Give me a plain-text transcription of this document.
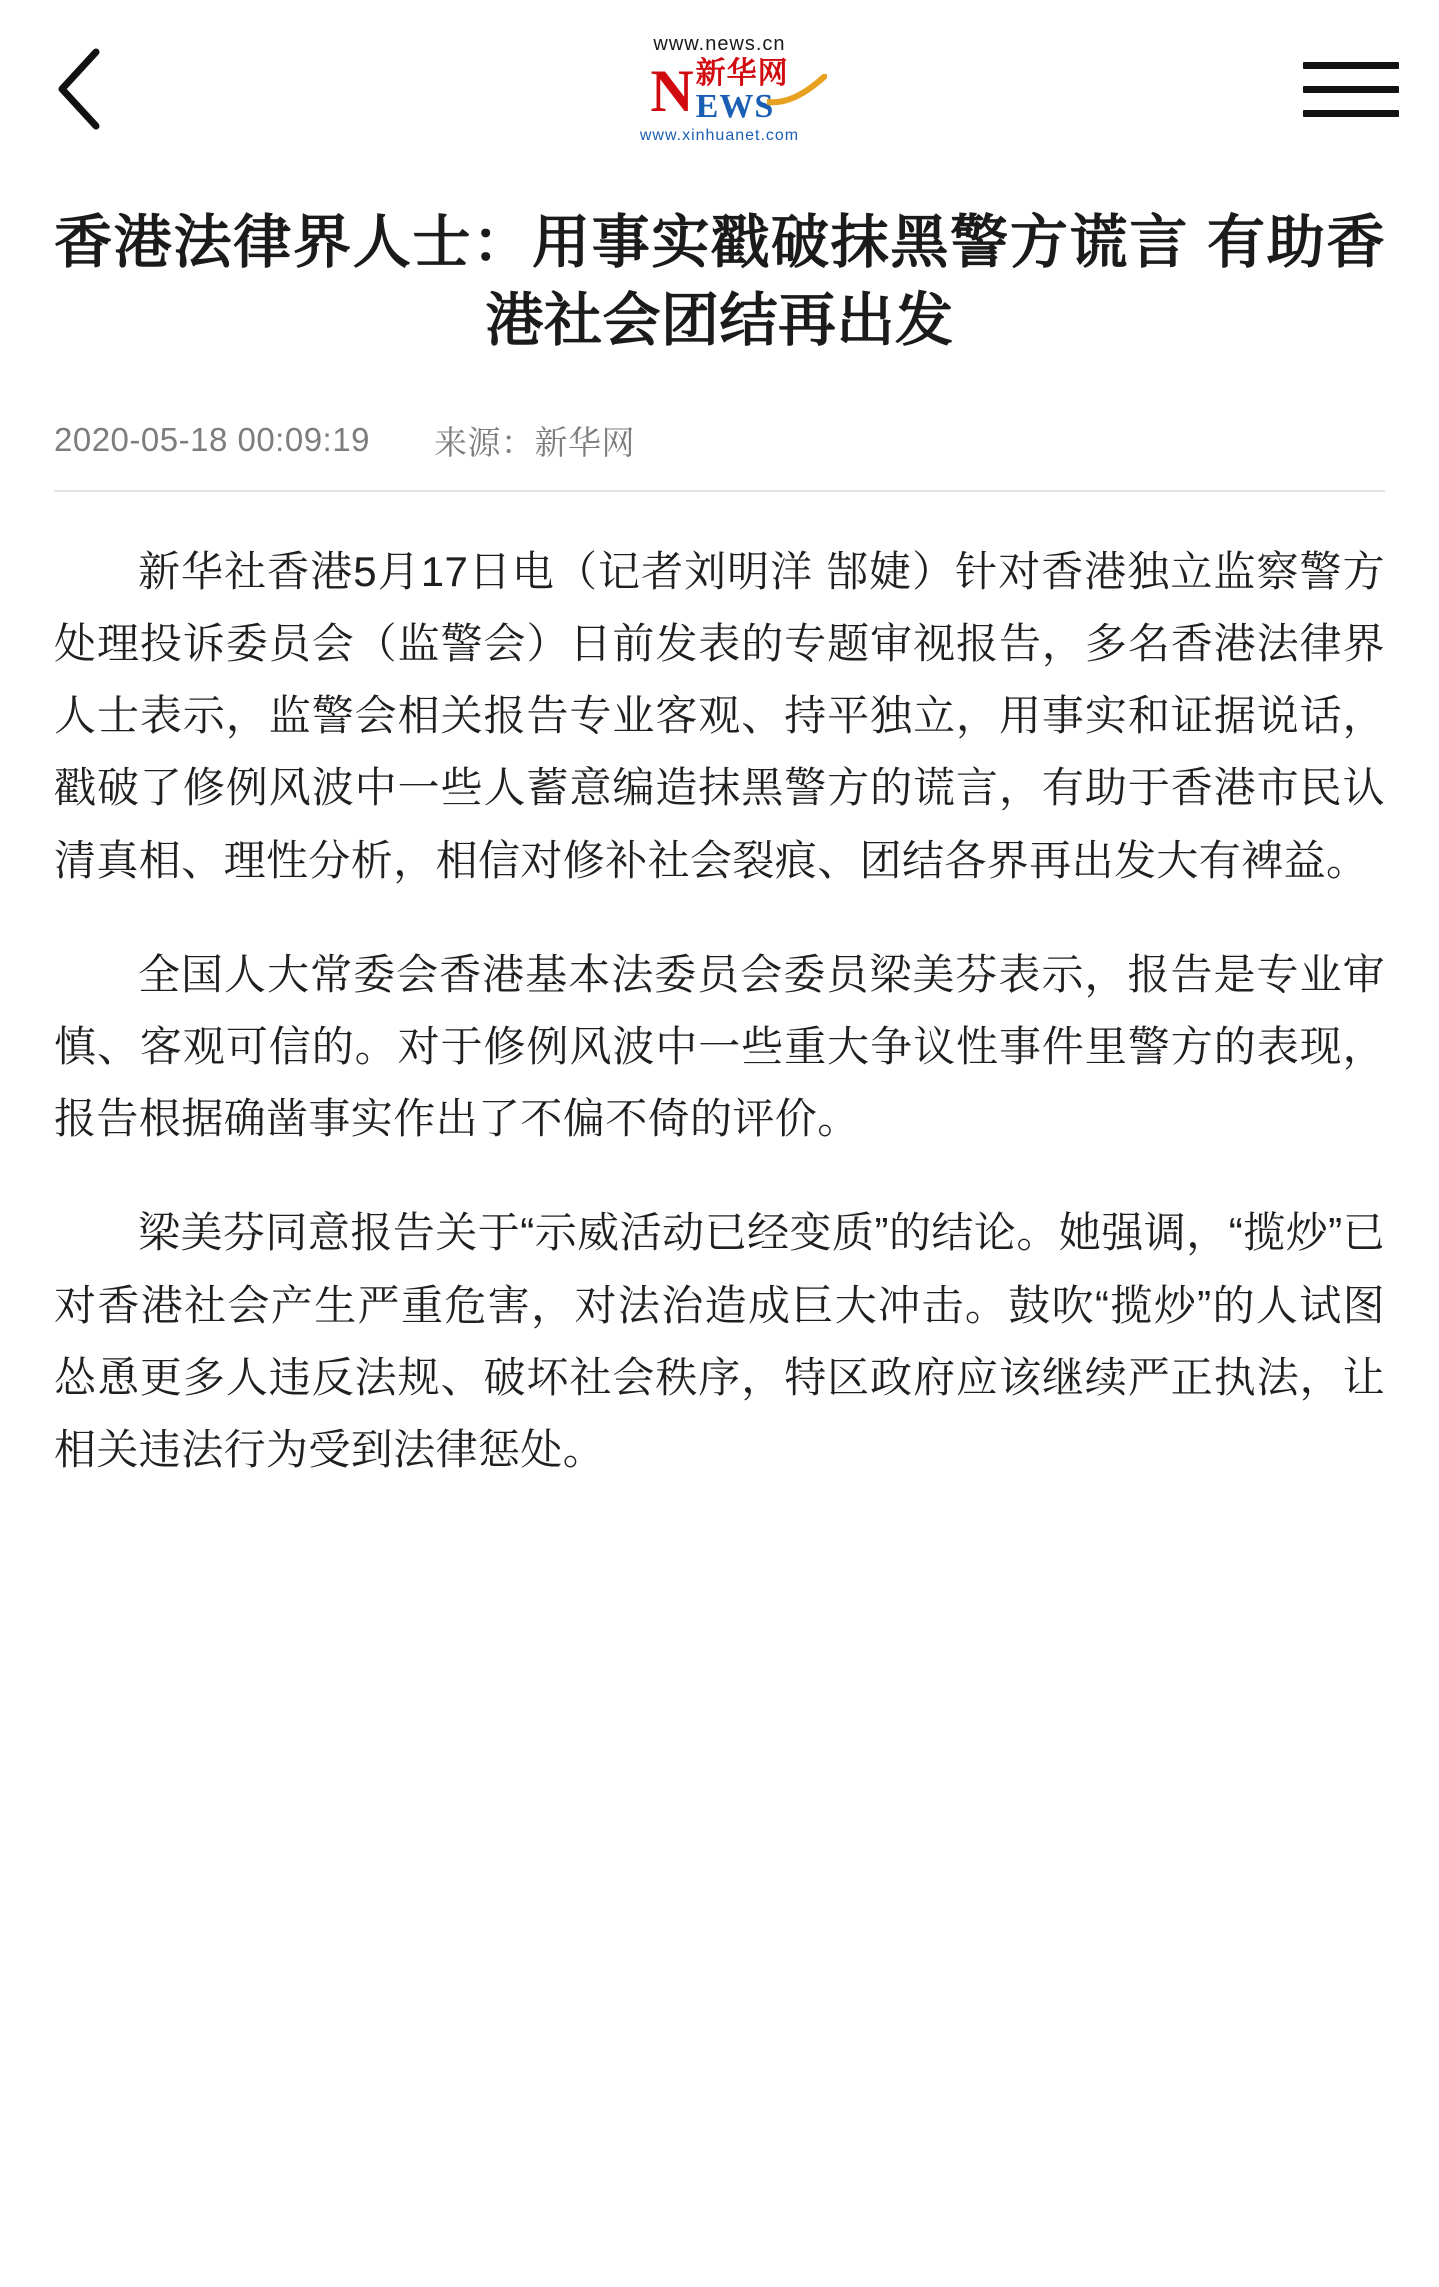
www.news.cn
N 新华网
EWS
www.xinhuanet.com
香港法律界人士：用事实戳破抹黑警方谎言 有助香港社会团结再出发
2020-05-18 00:09:19 来源： 新华网

新华社香港5月17日电（记者刘明洋 郜婕）针对香港独立监察警方处理投诉委员会（监警会）日前发表的专题审视报告，多名香港法律界人士表示，监警会相关报告专业客观、持平独立，用事实和证据说话，戳破了修例风波中一些人蓄意编造抹黑警方的谎言，有助于香港市民认清真相、理性分析，相信对修补社会裂痕、团结各界再出发大有裨益。

全国人大常委会香港基本法委员会委员梁美芬表示，报告是专业审慎、客观可信的。对于修例风波中一些重大争议性事件里警方的表现，报告根据确凿事实作出了不偏不倚的评价。

梁美芬同意报告关于“示威活动已经变质”的结论。她强调，“揽炒”已对香港社会产生严重危害，对法治造成巨大冲击。鼓吹“揽炒”的人试图怂恿更多人违反法规、破坏社会秩序，特区政府应该继续严正执法，让相关违法行为受到法律惩处。
